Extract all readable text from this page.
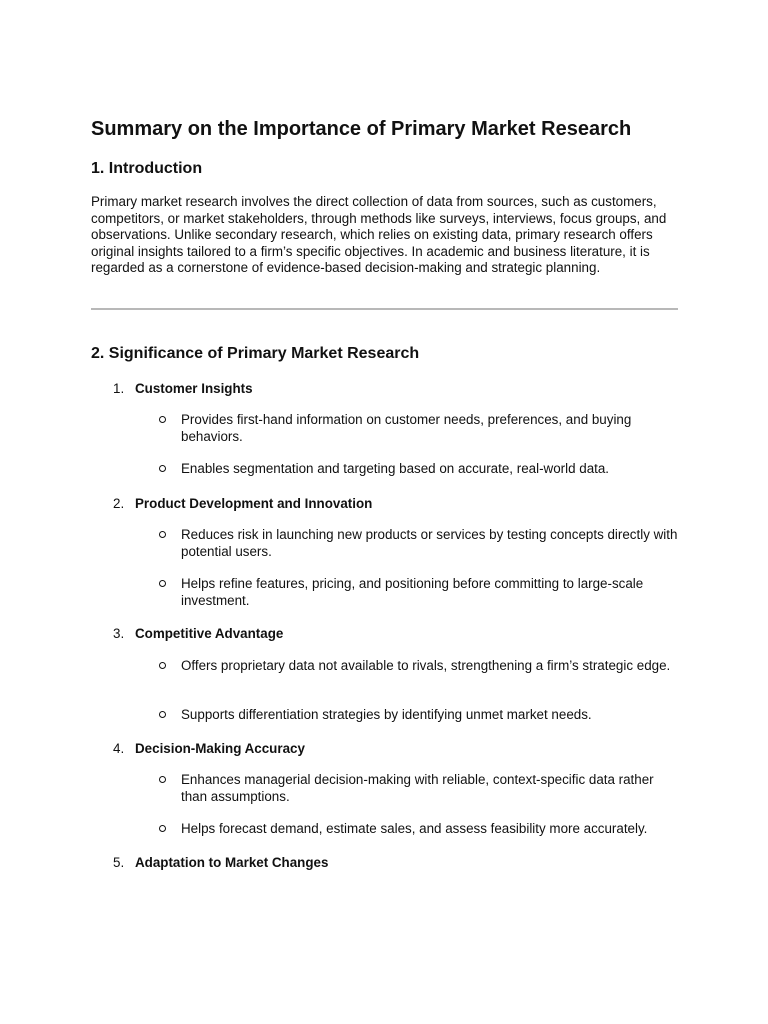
Summary on the Importance of Primary Market Research
1. Introduction

Primary market research involves the direct collection of data from sources, such as customers, competitors, or market stakeholders, through methods like surveys, interviews, focus groups, and observations. Unlike secondary research, which relies on existing data, primary research offers original insights tailored to a firm’s specific objectives. In academic and business literature, it is regarded as a cornerstone of evidence-based decision-making and strategic planning.

2. Significance of Primary Market Research
1. Customer Insights
Provides first-hand information on customer needs, preferences, and buying behaviors.
Enables segmentation and targeting based on accurate, real-world data.
2. Product Development and Innovation
Reduces risk in launching new products or services by testing concepts directly with potential users.
Helps refine features, pricing, and positioning before committing to large-scale investment.
3. Competitive Advantage
Offers proprietary data not available to rivals, strengthening a firm’s strategic edge.
Supports differentiation strategies by identifying unmet market needs.
4. Decision-Making Accuracy
Enhances managerial decision-making with reliable, context-specific data rather than assumptions.
Helps forecast demand, estimate sales, and assess feasibility more accurately.
5. Adaptation to Market Changes
